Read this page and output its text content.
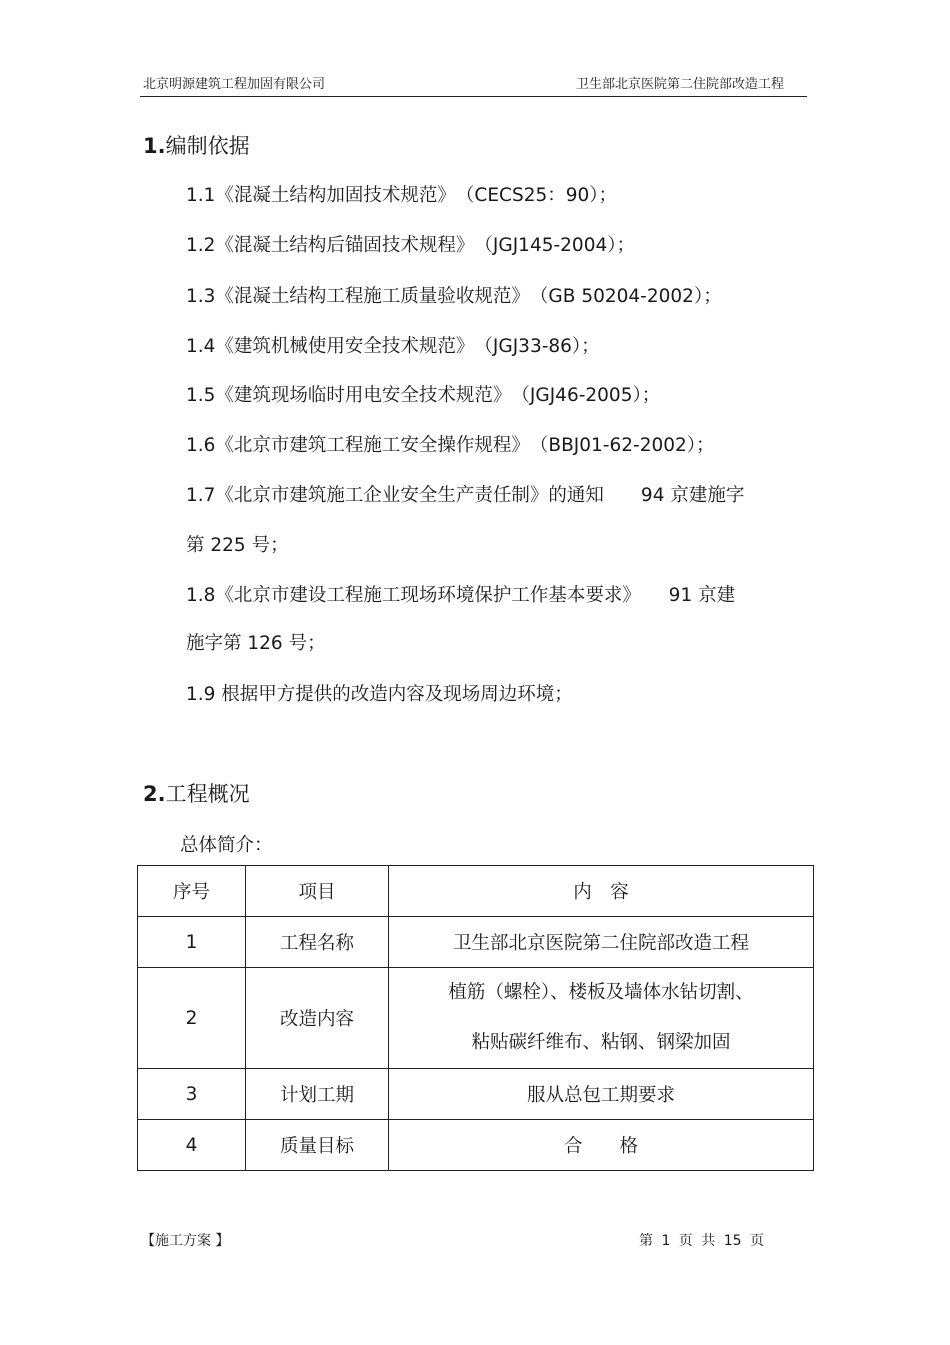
北京明源建筑工程加固有限公司	卫生部北京医院第二住院部改造工程
1.编制依据
1.1《混凝土结构加固技术规范》　（CECS25：90）；
1.2《混凝土结构后锚固技术规程》　（JGJ145-2004）；
1.3《混凝土结构工程施工质量验收规范》　（GB 50204-2002）；
1.4《建筑机械使用安全技术规范》　（JGJ33-86）；
1.5《建筑现场临时用电安全技术规范》　（JGJ46-2005）；
1.6《北京市建筑工程施工安全操作规程》　（BBJ01-62-2002）；
1.7《北京市建筑施工企业安全生产责任制》的通知　　94 京建施字
第 225 号；
1.8《北京市建设工程施工现场环境保护工作基本要求》　　91 京建
施字第 126 号；
1.9 根据甲方提供的改造内容及现场周边环境；
2.工程概况
总体简介：
序号	项目	内　容
1	工程名称	卫生部北京医院第二住院部改造工程
2	改造内容	植筋（螺栓）、楼板及墙体水钻切割、
粘贴碳纤维布、粘钢、钢梁加固

3	计划工期	服从总包工期要求
4	质量目标	合　　格
【施工方案 】	第 1 页 共 15 页
